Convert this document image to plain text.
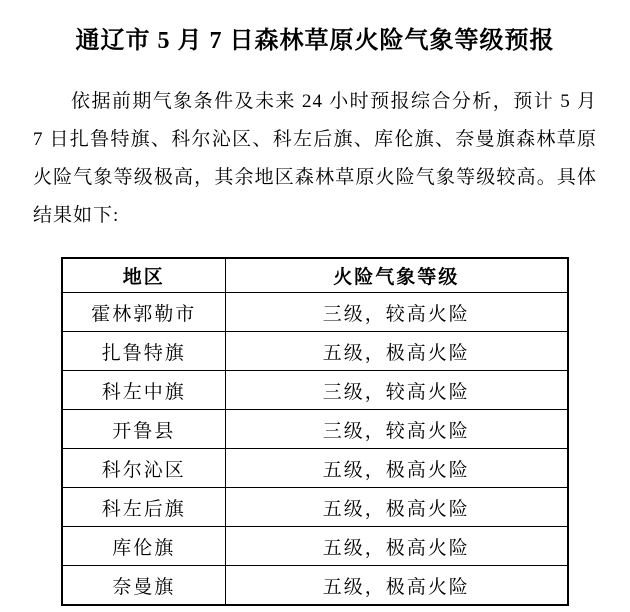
通辽市 5 月 7 日森林草原火险气象等级预报

依据前期气象条件及未来 24 小时预报综合分析，预计 5 月 7 日扎鲁特旗、科尔沁区、科左后旗、库伦旗、奈曼旗森林草原火险气象等级极高，其余地区森林草原火险气象等级较高。具体结果如下:

地区	火险气象等级
霍林郭勒市	三级，较高火险
扎鲁特旗	五级，极高火险
科左中旗	三级，较高火险
开鲁县	三级，较高火险
科尔沁区	五级，极高火险
科左后旗	五级，极高火险
库伦旗	五级，极高火险
奈曼旗	五级，极高火险
